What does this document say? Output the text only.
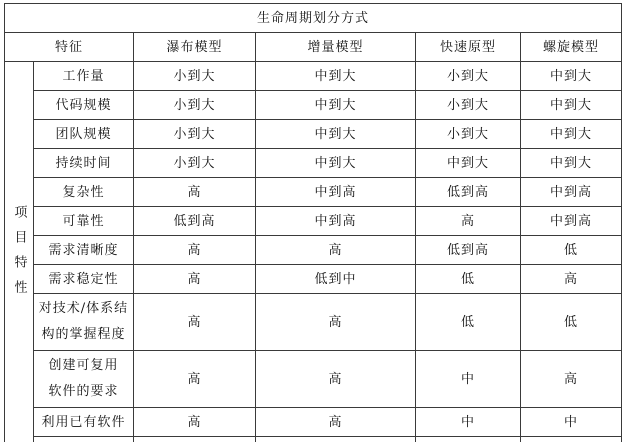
生命周期划分方式
特征	瀑布模型	增量模型	快速原型	螺旋模型
项目特性
工作量	小到大	中到大	小到大	中到大
代码规模	小到大	中到大	小到大	中到大
团队规模	小到大	中到大	小到大	中到大
持续时间	小到大	中到大	中到大	中到大
复杂性	高	中到高	低到高	中到高
可靠性	低到高	中到高	高	中到高
需求清晰度	高	高	低到高	低
需求稳定性	高	低到中	低	高
对技术/体系结
构的掌握程度
高	高	低	低
创建可复用
软件的要求
高	高	中	高
利用已有软件	高	高	中	中
